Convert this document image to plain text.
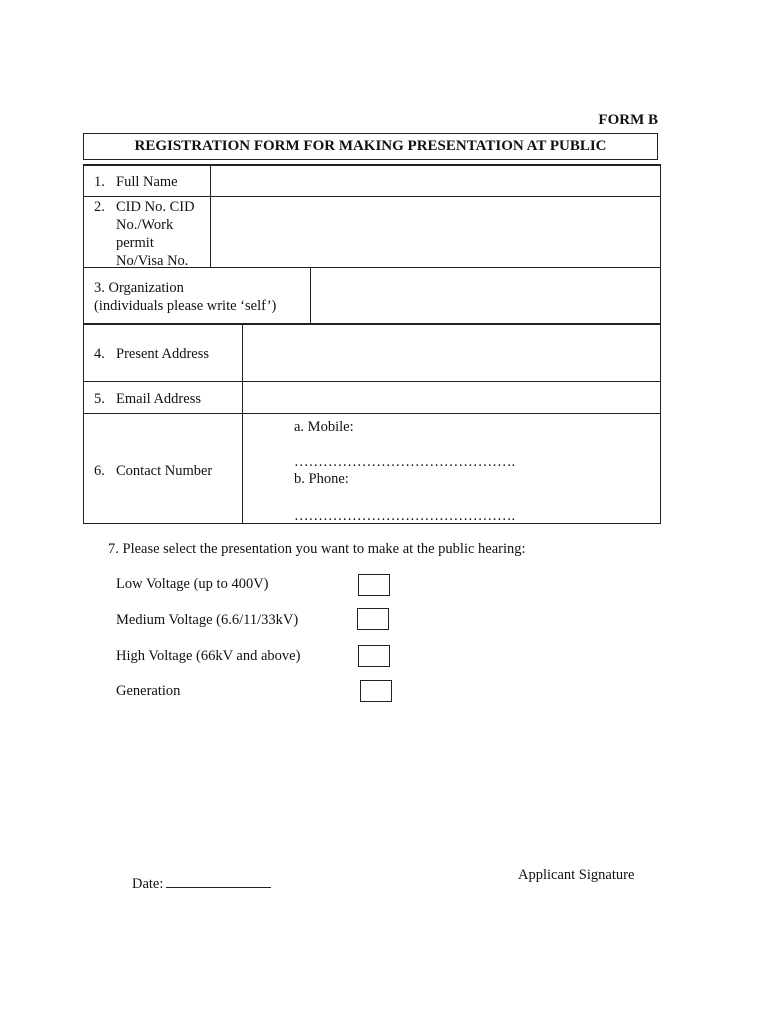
FORM B
REGISTRATION FORM FOR MAKING PRESENTATION AT PUBLIC
1. Full Name
2. CID No. CID
No./Work
permit
No/Visa No.
3. Organization
(individuals please write ‘self’)
4. Present Address
5. Email Address
6. Contact Number
a. Mobile:
……………………………………….
b. Phone:
……………………………………….
7. Please select the presentation you want to make at the public hearing:
Low Voltage (up to 400V)
Medium Voltage (6.6/11/33kV)
High Voltage (66kV and above)
Generation
Date:
Applicant Signature
